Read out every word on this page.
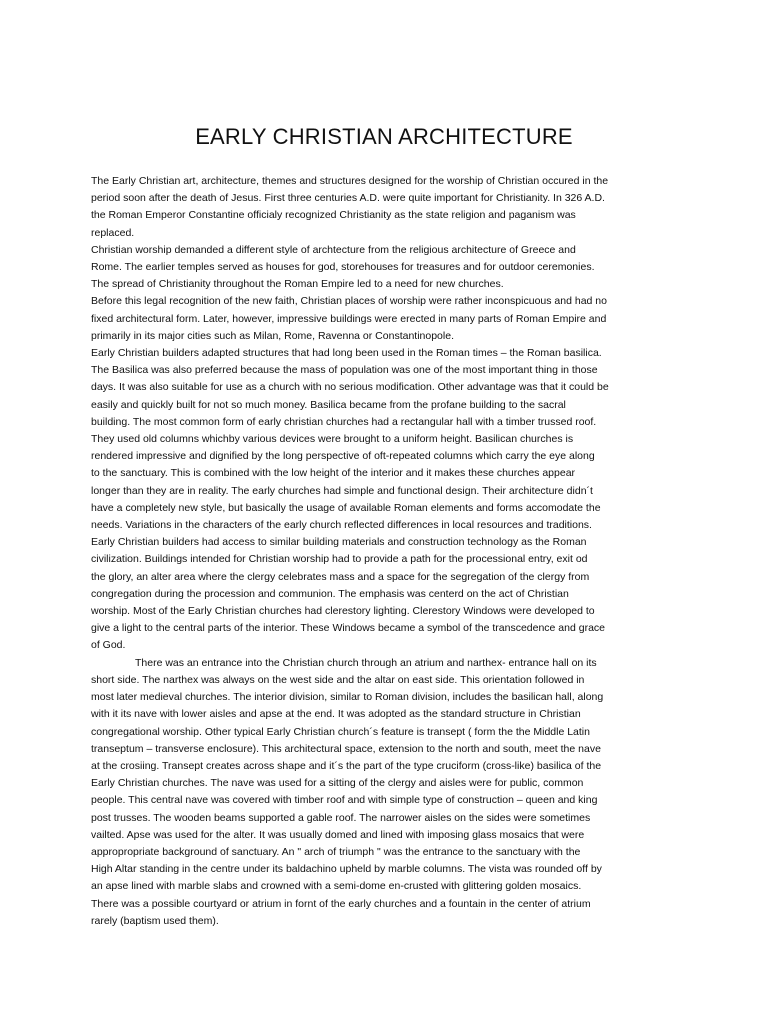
EARLY CHRISTIAN ARCHITECTURE
The Early Christian art, architecture, themes and structures designed for the worship of Christian occured in the
period soon after the death of Jesus. First three centuries A.D. were quite important for Christianity. In 326 A.D.
the Roman Emperor Constantine officialy recognized Christianity as the state religion and paganism was
replaced.
Christian worship demanded a different style of archtecture from the religious architecture of Greece and
Rome. The earlier temples served as houses for god, storehouses for treasures and for outdoor ceremonies.
The spread of Christianity throughout the Roman Empire led to a need for new churches.
Before this legal recognition of the new faith, Christian places of worship were rather inconspicuous and had no
fixed architectural form. Later, however, impressive buildings were erected in many parts of Roman Empire and
primarily in its major cities such as Milan, Rome, Ravenna or Constantinopole.
Early Christian builders adapted structures that had long been used in the Roman times – the Roman basilica.
The Basilica was also preferred because the mass of population was one of the most important thing in those
days. It was also suitable for use as a church with no serious modification. Other advantage was that it could be
easily and quickly built for not so much money. Basilica became from the profane building to the sacral
building. The most common form of early christian churches had a rectangular hall with a timber trussed roof.
They used old columns whichby various devices were brought to a uniform height. Basilican churches is
rendered impressive and dignified by the long perspective of oft-repeated columns which carry the eye along
to the sanctuary. This is combined with the low height of the interior and it makes these churches appear
longer than they are in reality. The early churches had simple and functional design. Their architecture didn´t
have a completely new style, but basically the usage of available Roman elements and forms accomodate the
needs. Variations in the characters of the early church reflected differences in local resources and traditions.
Early Christian builders had access to similar building materials and construction technology as the Roman
civilization. Buildings intended for Christian worship had to provide a path for the processional entry, exit od
the glory, an alter area where the clergy celebrates mass and a space for the segregation of the clergy from
congregation during the procession and communion. The emphasis was centerd on the act of Christian
worship. Most of the Early Christian churches had clerestory lighting. Clerestory Windows were developed to
give a light to the central parts of the interior. These Windows became a symbol of the transcedence and grace
of God.
There was an entrance into the Christian church through an atrium and narthex- entrance hall on its
short side. The narthex was always on the west side and the altar on east side. This orientation followed in
most later medieval churches. The interior division, similar to Roman division, includes the basilican hall, along
with it its nave with lower aisles and apse at the end. It was adopted as the standard structure in Christian
congregational worship. Other typical Early Christian church´s feature is transept ( form the the Middle Latin
transeptum – transverse enclosure). This architectural space, extension to the north and south, meet the nave
at the crosiing. Transept creates across shape and it´s the part of the type cruciform (cross-like) basilica of the
Early Christian churches. The nave was used for a sitting of the clergy and aisles were for public, common
people. This central nave was covered with timber roof and with simple type of construction – queen and king
post trusses. The wooden beams supported a gable roof. The narrower aisles on the sides were sometimes
vailted. Apse was used for the alter. It was usually domed and lined with imposing glass mosaics that were
appropropriate background of sanctuary. An " arch of triumph " was the entrance to the sanctuary with the
High Altar standing in the centre under its baldachino upheld by marble columns. The vista was rounded off by
an apse lined with marble slabs and crowned with a semi-dome en-crusted with glittering golden mosaics.
There was a possible courtyard or atrium in fornt of the early churches and a fountain in the center of atrium
rarely (baptism used them).
